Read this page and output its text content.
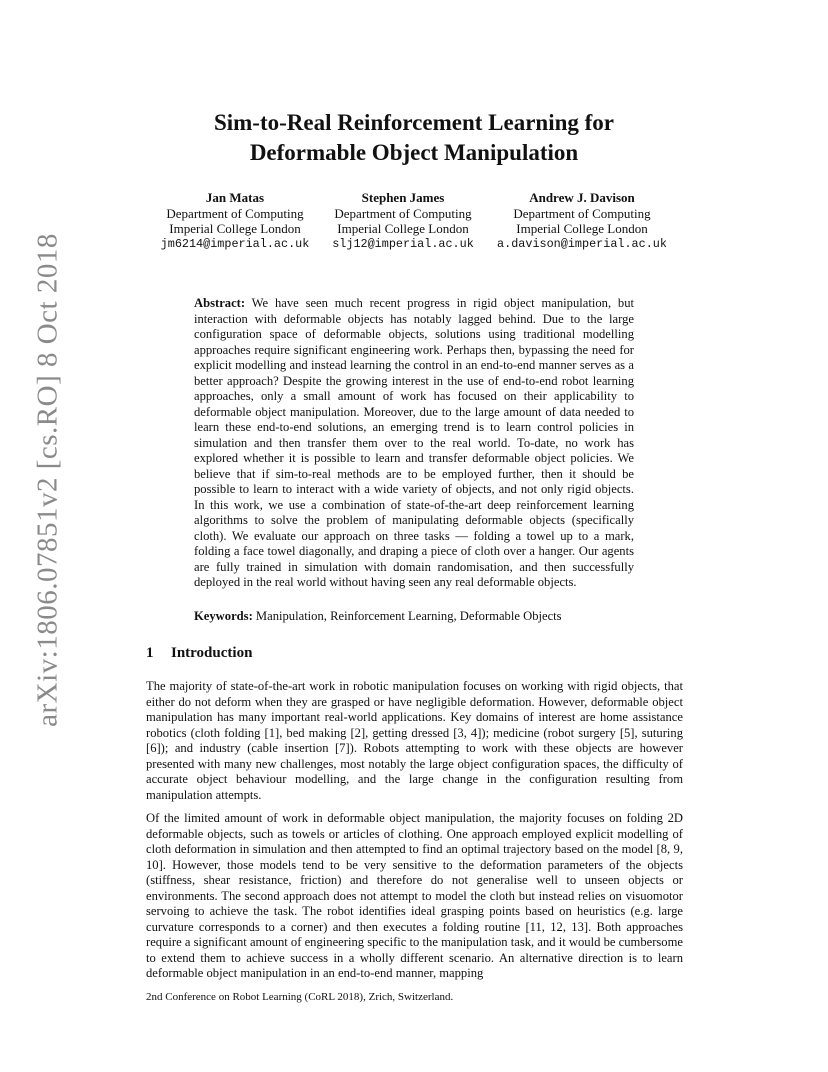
arXiv:1806.07851v2 [cs.RO] 8 Oct 2018
Sim-to-Real Reinforcement Learning for
Deformable Object Manipulation
Jan Matas
Department of Computing
Imperial College London
jm6214@imperial.ac.uk
Stephen James
Department of Computing
Imperial College London
slj12@imperial.ac.uk
Andrew J. Davison
Department of Computing
Imperial College London
a.davison@imperial.ac.uk
Abstract: We have seen much recent progress in rigid object manipulation, but interaction with deformable objects has notably lagged behind. Due to the large configuration space of deformable objects, solutions using traditional modelling approaches require significant engineering work. Perhaps then, bypassing the need for explicit modelling and instead learning the control in an end-to-end manner serves as a better approach? Despite the growing interest in the use of end-to-end robot learning approaches, only a small amount of work has focused on their applicability to deformable object manipulation. Moreover, due to the large amount of data needed to learn these end-to-end solutions, an emerging trend is to learn control policies in simulation and then transfer them over to the real world. To-date, no work has explored whether it is possible to learn and transfer deformable object policies. We believe that if sim-to-real methods are to be employed further, then it should be possible to learn to interact with a wide variety of objects, and not only rigid objects. In this work, we use a combination of state-of-the-art deep reinforcement learning algorithms to solve the problem of manipulating deformable objects (specifically cloth). We evaluate our approach on three tasks — folding a towel up to a mark, folding a face towel diagonally, and draping a piece of cloth over a hanger. Our agents are fully trained in simulation with domain randomisation, and then successfully deployed in the real world without having seen any real deformable objects.
Keywords: Manipulation, Reinforcement Learning, Deformable Objects
1 Introduction

The majority of state-of-the-art work in robotic manipulation focuses on working with rigid objects, that either do not deform when they are grasped or have negligible deformation. However, deformable object manipulation has many important real-world applications. Key domains of interest are home assistance robotics (cloth folding [1], bed making [2], getting dressed [3, 4]); medicine (robot surgery [5], suturing [6]); and industry (cable insertion [7]). Robots attempting to work with these objects are however presented with many new challenges, most notably the large object configuration spaces, the difficulty of accurate object behaviour modelling, and the large change in the configuration resulting from manipulation attempts.

Of the limited amount of work in deformable object manipulation, the majority focuses on folding 2D deformable objects, such as towels or articles of clothing. One approach employed explicit modelling of cloth deformation in simulation and then attempted to find an optimal trajectory based on the model [8, 9, 10]. However, those models tend to be very sensitive to the deformation parameters of the objects (stiffness, shear resistance, friction) and therefore do not generalise well to unseen objects or environments. The second approach does not attempt to model the cloth but instead relies on visuomotor servoing to achieve the task. The robot identifies ideal grasping points based on heuristics (e.g. large curvature corresponds to a corner) and then executes a folding routine [11, 12, 13]. Both approaches require a significant amount of engineering specific to the manipulation task, and it would be cumbersome to extend them to achieve success in a wholly different scenario. An alternative direction is to learn deformable object manipulation in an end-to-end manner, mapping

2nd Conference on Robot Learning (CoRL 2018), Zrich, Switzerland.
